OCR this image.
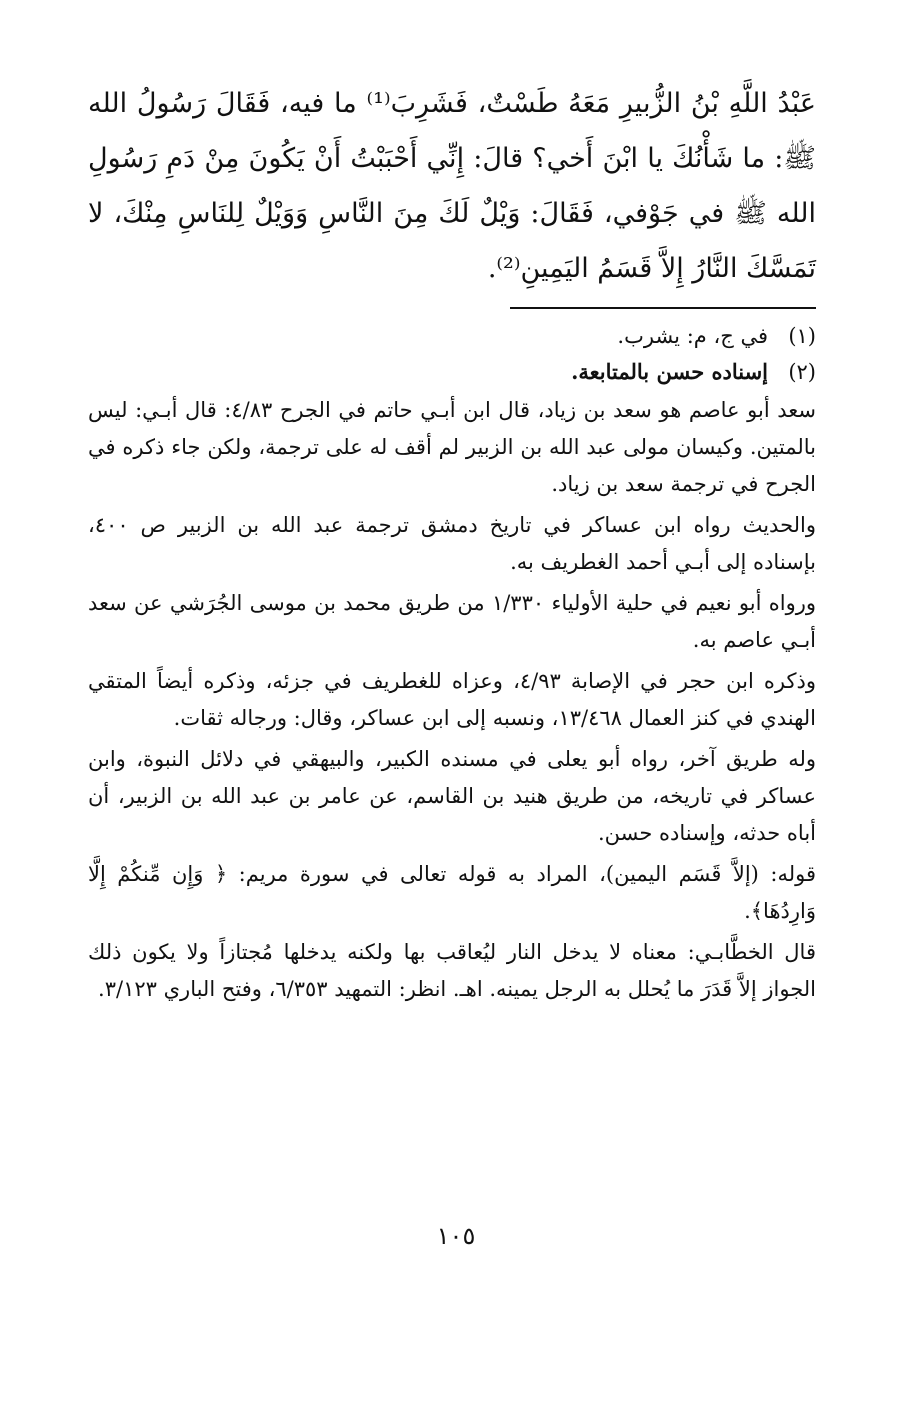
عَبْدُ اللَّهِ بْنُ الزُّبيرِ مَعَهُ طَسْتٌ، فَشَرِبَ⁽¹⁾ ما فيه، فَقَالَ رَسُولُ الله ﷺ: ما شَأْنُكَ يا ابْنَ أَخي؟ قالَ: إِنِّي أَحْبَبْتُ أَنْ يَكُونَ مِنْ دَمِ رَسُولِ الله ﷺ في جَوْفي، فَقَالَ: وَيْلٌ لَكَ مِنَ النَّاسِ وَوَيْلٌ لِلنَاسِ مِنْكَ، لا تَمَسَّكَ النَّارُ إِلاَّ قَسَمُ اليَمِينِ⁽²⁾.
(١)
في ج، م: يشرب.
(٢)
إسناده حسن بالمتابعة.

سعد أبو عاصم هو سعد بن زياد، قال ابن أبـي حاتم في الجرح ٤/٨٣: قال أبـي: ليس بالمتين. وكيسان مولى عبد الله بن الزبير لم أقف له على ترجمة، ولكن جاء ذكره في الجرح في ترجمة سعد بن زياد.

والحديث رواه ابن عساكر في تاريخ دمشق ترجمة عبد الله بن الزبير ص ٤٠٠، بإسناده إلى أبـي أحمد الغطريف به.

ورواه أبو نعيم في حلية الأولياء ١/٣٣٠ من طريق محمد بن موسى الجُرَشي عن سعد أبـي عاصم به.

وذكره ابن حجر في الإصابة ٤/٩٣، وعزاه للغطريف في جزئه، وذكره أيضاً المتقي الهندي في كنز العمال ١٣/٤٦٨، ونسبه إلى ابن عساكر، وقال: ورجاله ثقات.

وله طريق آخر، رواه أبو يعلى في مسنده الكبير، والبيهقي في دلائل النبوة، وابن عساكر في تاريخه، من طريق هنيد بن القاسم، عن عامر بن عبد الله بن الزبير، أن أباه حدثه، وإسناده حسن.

قوله: (إلاَّ قَسَم اليمين)، المراد به قوله تعالى في سورة مريم: ﴿ وَإِن مِّنكُمْ إِلَّا وَارِدُهَا﴾.

قال الخطَّابـي: معناه لا يدخل النار ليُعاقب بها ولكنه يدخلها مُجتازاً ولا يكون ذلك الجواز إلاَّ قَدَرَ ما يُحلل به الرجل يمينه. اهـ. انظر: التمهيد ٦/٣٥٣، وفتح الباري ٣/١٢٣.

١٠٥
